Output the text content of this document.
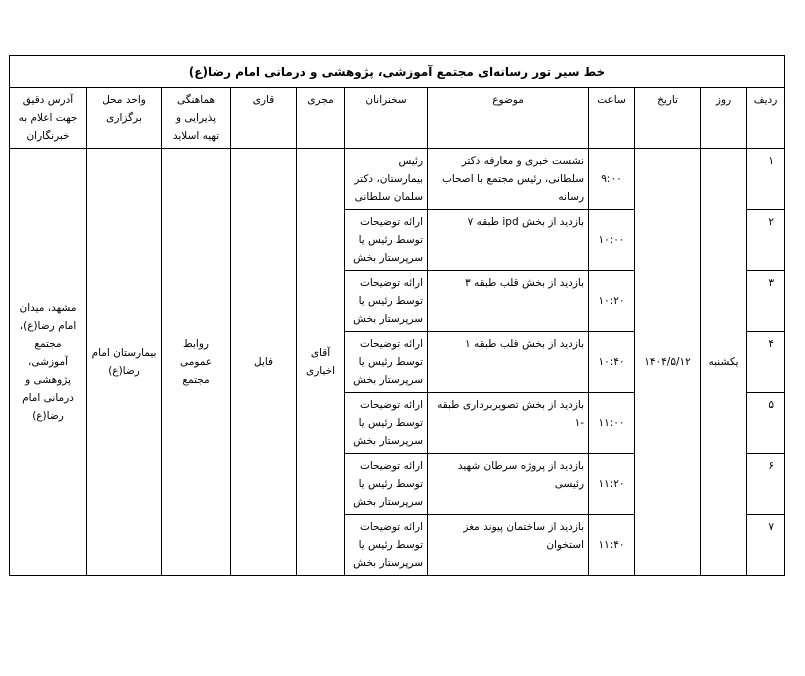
خط سیر تور رسانه‌ای مجتمع آموزشی، پژوهشی و درمانی امام رضا(ع)										
ردیف	روز	تاریخ	ساعت	موضوع	سخنرانان	مجری	قاری	هماهنگی پذیرایی و تهیه اسلاید	واحد محل برگزاری	آدرس دقیق جهت اعلام به خبرنگاران
۱	یکشنبه	۱۴۰۴/۵/۱۲	۹:۰۰	نشست خبری و معارفه دکتر سلطانی، رئیس مجتمع با اصحاب رسانه	رئیس بیمارستان، دکتر سلمان سلطانی	آقای اخباری	فایل	روابط عمومی مجتمع	بیمارستان امام رضا(ع)	مشهد، میدان امام رضا(ع)، مجتمع آموزشی، پژوهشی و درمانی امام رضا(ع)
۲			۱۰:۰۰	بازدید از بخش ipd طبقه ۷	ارائه توضیحات توسط رئیس یا سرپرستار بخش					
۳			۱۰:۲۰	بازدید از بخش قلب طبقه ۳	ارائه توضیحات توسط رئیس یا سرپرستار بخش					
۴			۱۰:۴۰	بازدید از بخش قلب طبقه ۱	ارائه توضیحات توسط رئیس یا سرپرستار بخش					
۵			۱۱:۰۰	بازدید از بخش تصویربرداری طبقه -۱	ارائه توضیحات توسط رئیس یا سرپرستار بخش					
۶			۱۱:۲۰	بازدید از پروژه سرطان شهید رئیسی	ارائه توضیحات توسط رئیس یا سرپرستار بخش					
۷			۱۱:۴۰	بازدید از ساختمان پیوند مغز استخوان	ارائه توضیحات توسط رئیس یا سرپرستار بخش					
